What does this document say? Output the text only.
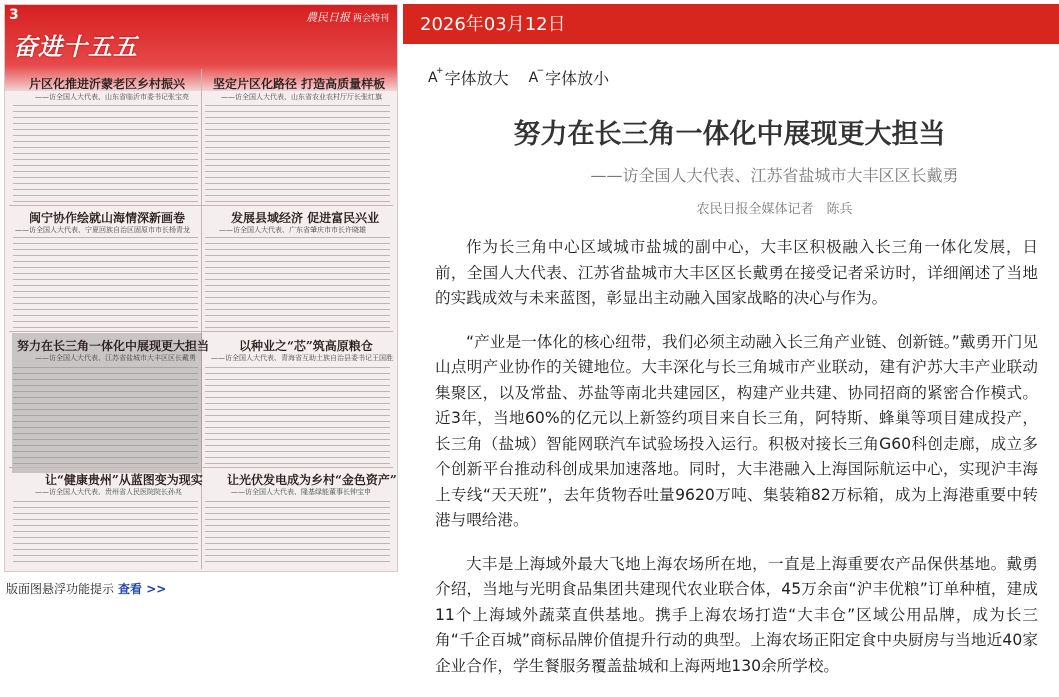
3	農民日报 两会特刊
奋进十五五
片区化推进沂蒙老区乡村振兴
——访全国人大代表、山东省临沂市委书记张宝亮
坚定片区化路径 打造高质量样板
——访全国人大代表、山东省农业农村厅厅长张红旗
闽宁协作绘就山海情深新画卷
——访全国人大代表、宁夏回族自治区固原市市长杨青龙
发展县域经济 促进富民兴业
——访全国人大代表、广东省肇庆市市长许晓雄
努力在长三角一体化中展现更大担当
——访全国人大代表、江苏省盐城市大丰区区长戴勇
以种业之“芯”筑高原粮仓
——访全国人大代表、青海省互助土族自治县委书记王国胜
让“健康贵州”从蓝图变为现实
——访全国人大代表、贵州省人民医院院长孙兆
让光伏发电成为乡村“金色资产”
——访全国人大代表、隆基绿能董事长钟宝申
版面图悬浮功能提示 查看 >>
2026年03月12日
A
+ 字体放大 A
− 字体放小
努力在长三角一体化中展现更大担当
——访全国人大代表、江苏省盐城市大丰区区长戴勇
农民日报全媒体记者　陈兵

作为长三角中心区域城市盐城的副中心，大丰区积极融入长三角一体化发展，日前，全国人大代表、江苏省盐城市大丰区区长戴勇在接受记者采访时，详细阐述了当地的实践成效与未来蓝图，彰显出主动融入国家战略的决心与作为。

“产业是一体化的核心纽带，我们必须主动融入长三角产业链、创新链。”戴勇开门见山点明产业协作的关键地位。大丰深化与长三角城市产业联动，建有沪苏大丰产业联动集聚区，以及常盐、苏盐等南北共建园区，构建产业共建、协同招商的紧密合作模式。近3年，当地60%的亿元以上新签约项目来自长三角，阿特斯、蜂巢等项目建成投产，长三角（盐城）智能网联汽车试验场投入运行。积极对接长三角G60科创走廊，成立多个创新平台推动科创成果加速落地。同时，大丰港融入上海国际航运中心，实现沪丰海上专线“天天班”，去年货物吞吐量9620万吨、集装箱82万标箱，成为上海港重要中转港与喂给港。

大丰是上海域外最大飞地上海农场所在地，一直是上海重要农产品保供基地。戴勇介绍，当地与光明食品集团共建现代农业联合体，45万余亩“沪丰优粮”订单种植，建成11个上海域外蔬菜直供基地。携手上海农场打造“大丰仓”区域公用品牌，成为长三角“千企百城”商标品牌价值提升行动的典型。上海农场正阳定食中央厨房与当地近40家企业合作，学生餐服务覆盖盐城和上海两地130余所学校。
